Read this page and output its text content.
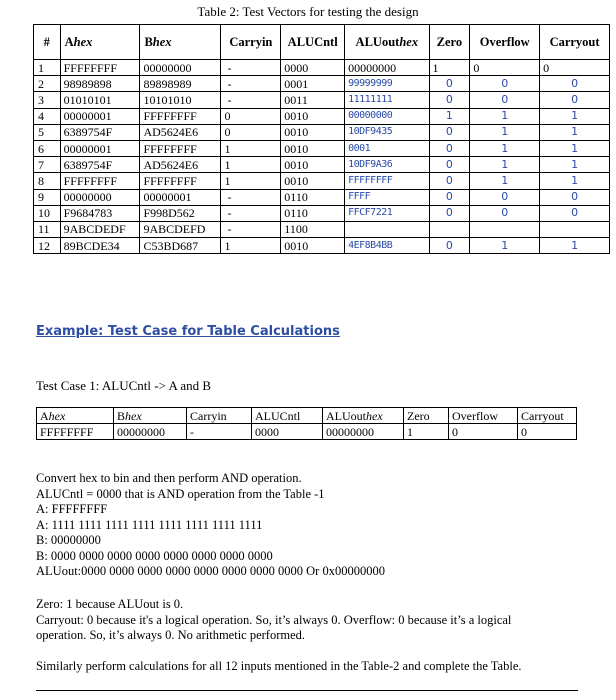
Table 2: Test Vectors for testing the design
#	Ahex	Bhex	Carryin	ALUCntl	ALUouthex	Zero	Overflow	Carryout
1	FFFFFFFF	00000000	-	0000	00000000	1	0	0
2	98989898	89898989	-	0001	99999999	0	0	0
3	01010101	10101010	-	0011	11111111	0	0	0
4	00000001	FFFFFFFF	0	0010	00000000	1	1	1
5	6389754F	AD5624E6	0	0010	10DF9435	0	1	1
6	00000001	FFFFFFFF	1	0010	0001	0	1	1
7	6389754F	AD5624E6	1	0010	10DF9A36	0	1	1
8	FFFFFFFF	FFFFFFFF	1	0010	FFFFFFFF	0	1	1
9	00000000	00000001	-	0110	FFFF	0	0	0
10	F9684783	F998D562	-	0110	FFCF7221	0	0	0
11	9ABCDEDF	9ABCDEFD	-	1100				
12	89BCDE34	C53BD687	1	0010	4EF8B4BB	0	1	1
Example: Test Case for Table Calculations
Test Case 1: ALUCntl -> A and B
Ahex	Bhex	Carryin	ALUCntl	ALUouthex	Zero	Overflow	Carryout
FFFFFFFF	00000000	-	0000	00000000	1	0	0
Convert hex to bin and then perform AND operation.
ALUCntl = 0000 that is AND operation from the Table -1
A: FFFFFFFF
A: 1111 1111 1111 1111 1111 1111 1111 1111
B: 00000000
B: 0000 0000 0000 0000 0000 0000 0000 0000
ALUout:0000 0000 0000 0000 0000 0000 0000 0000 Or 0x00000000
Zero: 1 because ALUout is 0.
Carryout: 0 because it's a logical operation. So, it’s always 0. Overflow: 0 because it’s a logical
operation. So, it’s always 0. No arithmetic performed.
Similarly perform calculations for all 12 inputs mentioned in the Table-2 and complete the Table.
